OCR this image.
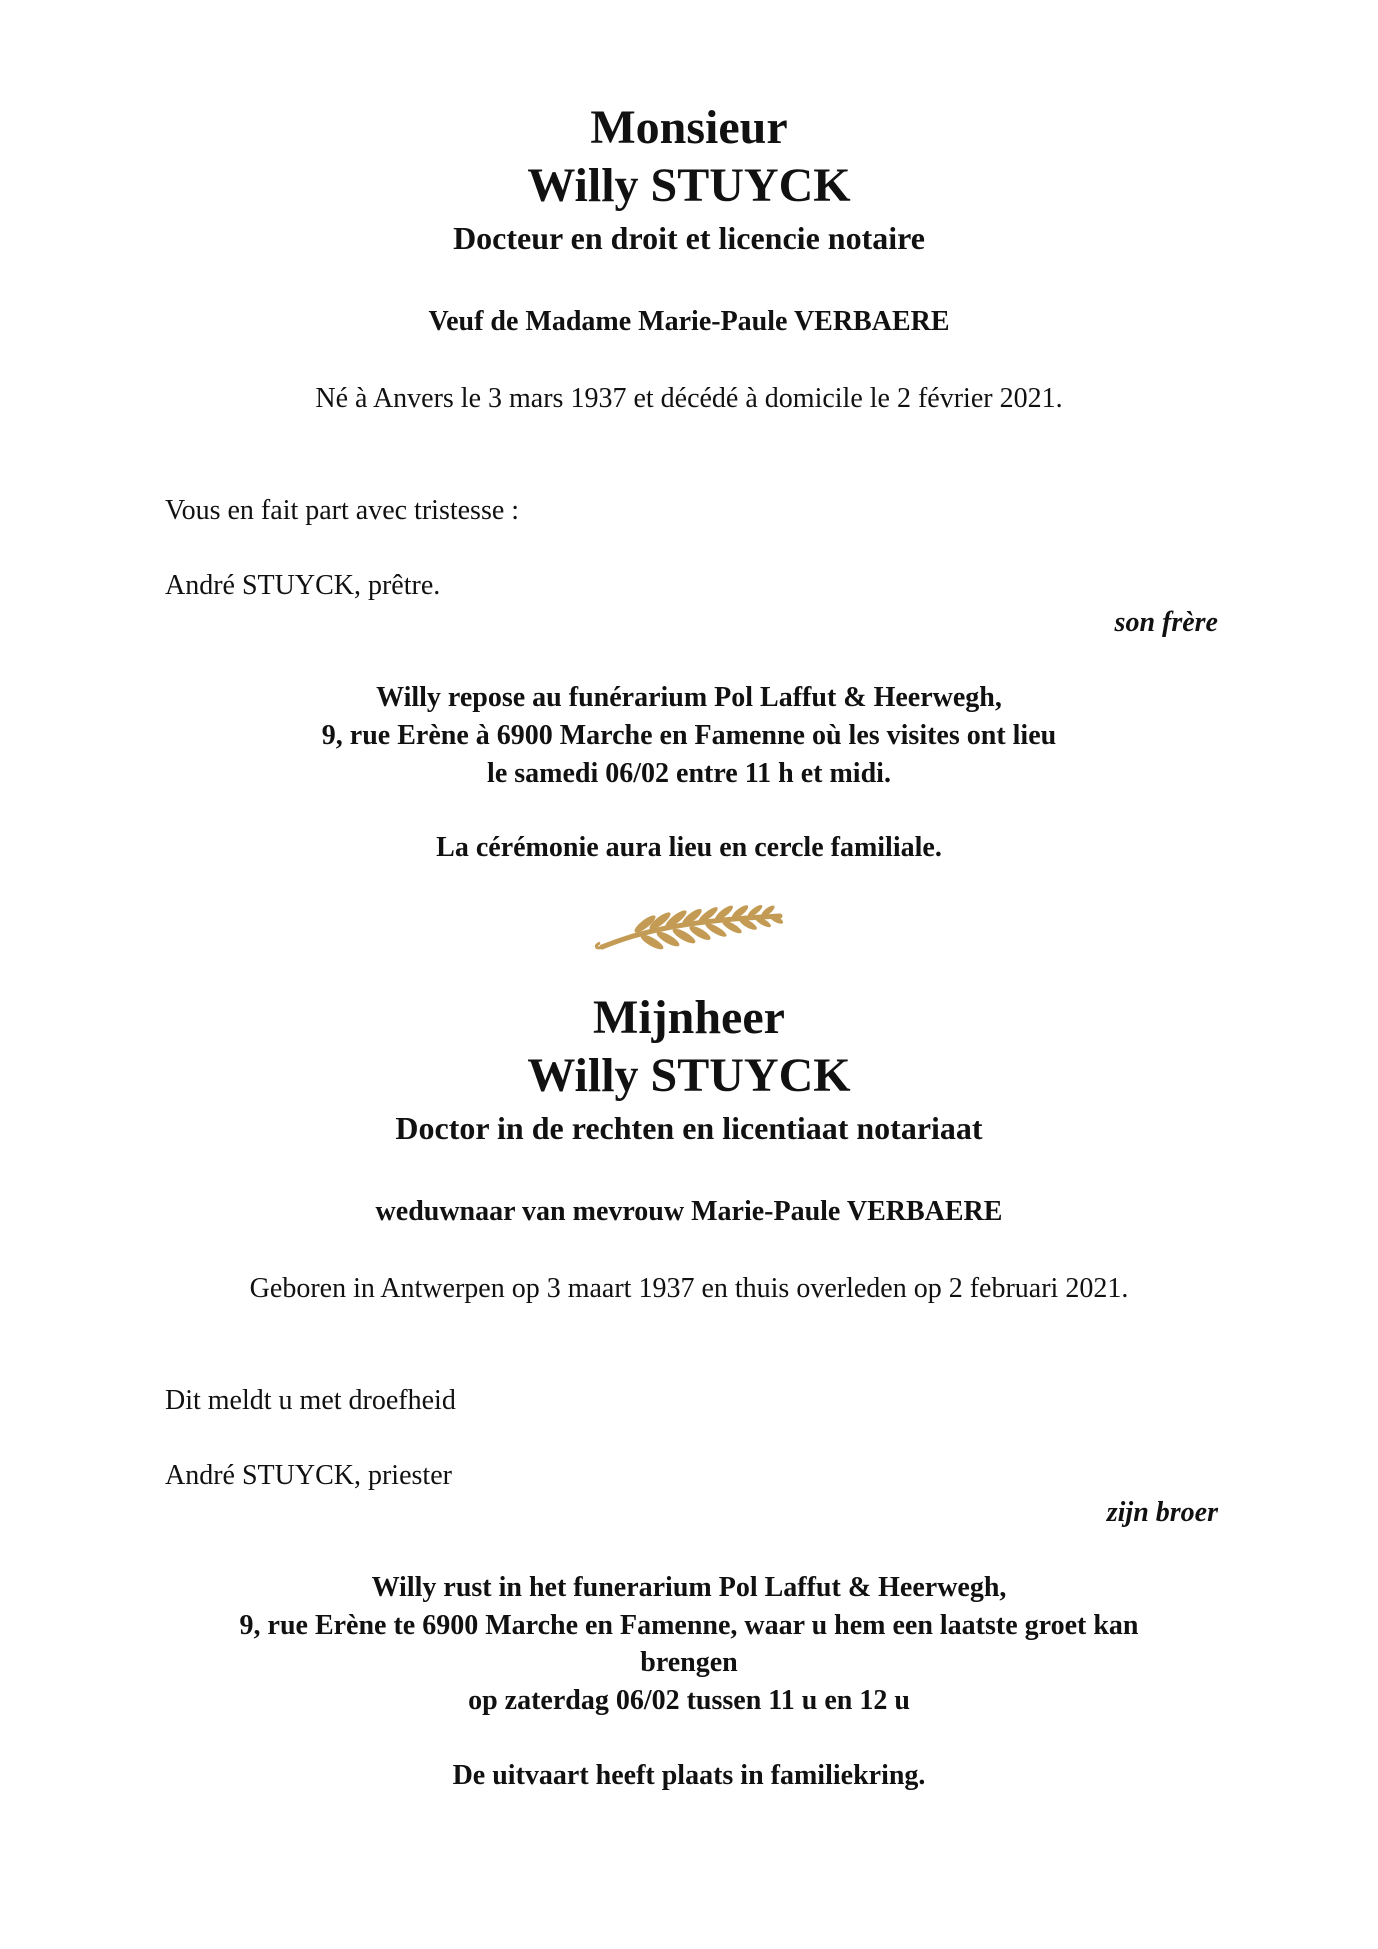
Monsieur
Willy STUYCK
Docteur en droit et licencie notaire
Veuf de Madame Marie-Paule VERBAERE
Né à Anvers le 3 mars 1937 et décédé à domicile le 2 février 2021.
Vous en fait part avec tristesse :
André STUYCK, prêtre.
son frère
Willy repose au funérarium Pol Laffut & Heerwegh,
9, rue Erène à 6900 Marche en Famenne où les visites ont lieu
le samedi 06/02 entre 11 h et midi.
La cérémonie aura lieu en cercle familiale.
Mijnheer
Willy STUYCK
Doctor in de rechten en licentiaat notariaat
weduwnaar van mevrouw Marie-Paule VERBAERE
Geboren in Antwerpen op 3 maart 1937 en thuis overleden op 2 februari 2021.
Dit meldt u met droefheid
André STUYCK, priester
zijn broer
Willy rust in het funerarium Pol Laffut & Heerwegh,
9, rue Erène te 6900 Marche en Famenne, waar u hem een laatste groet kan
brengen
op zaterdag 06/02 tussen 11 u en 12 u
De uitvaart heeft plaats in familiekring.
